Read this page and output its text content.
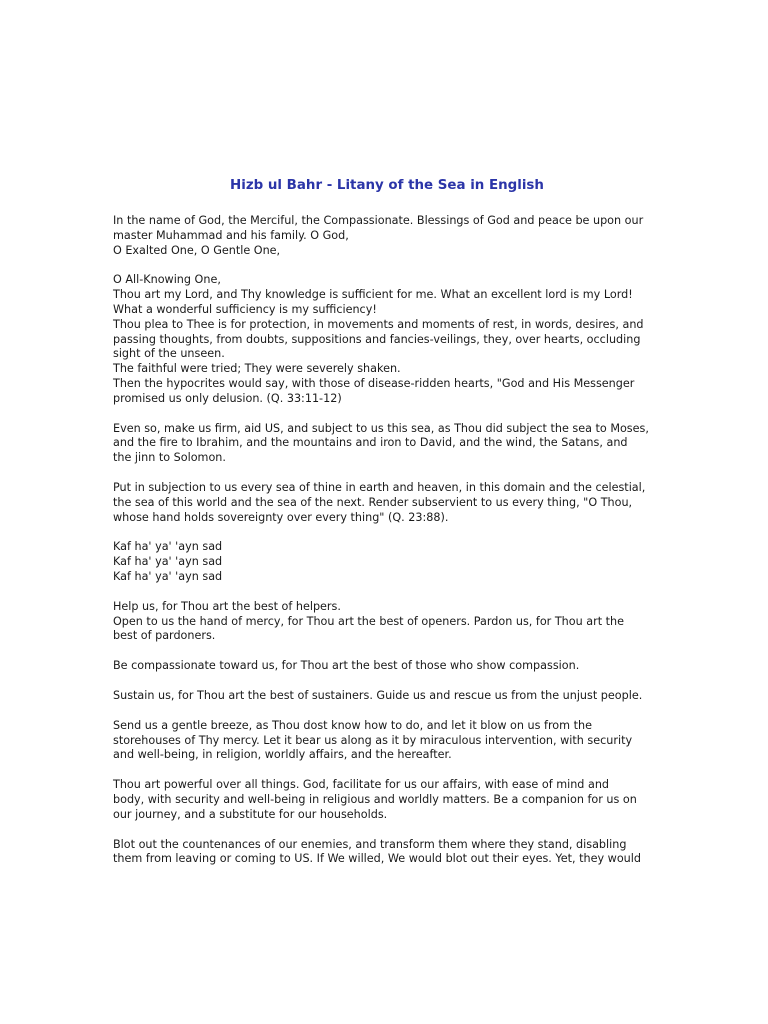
Hizb ul Bahr - Litany of the Sea in English

In the name of God, the Merciful, the Compassionate. Blessings of God and peace be upon our
master Muhammad and his family. O God,
O Exalted One, O Gentle One,

O All-Knowing One,
Thou art my Lord, and Thy knowledge is sufficient for me. What an excellent lord is my Lord!
What a wonderful sufficiency is my sufficiency!
Thou plea to Thee is for protection, in movements and moments of rest, in words, desires, and
passing thoughts, from doubts, suppositions and fancies-veilings, they, over hearts, occluding
sight of the unseen.
The faithful were tried; They were severely shaken.
Then the hypocrites would say, with those of disease-ridden hearts, "God and His Messenger
promised us only delusion. (Q. 33:11-12)

Even so, make us firm, aid US, and subject to us this sea, as Thou did subject the sea to Moses,
and the fire to Ibrahim, and the mountains and iron to David, and the wind, the Satans, and
the jinn to Solomon.

Put in subjection to us every sea of thine in earth and heaven, in this domain and the celestial,
the sea of this world and the sea of the next. Render subservient to us every thing, "O Thou,
whose hand holds sovereignty over every thing" (Q. 23:88).

Kaf ha' ya' 'ayn sad
Kaf ha' ya' 'ayn sad
Kaf ha' ya' 'ayn sad

Help us, for Thou art the best of helpers.
Open to us the hand of mercy, for Thou art the best of openers. Pardon us, for Thou art the
best of pardoners.

Be compassionate toward us, for Thou art the best of those who show compassion.

Sustain us, for Thou art the best of sustainers. Guide us and rescue us from the unjust people.

Send us a gentle breeze, as Thou dost know how to do, and let it blow on us from the
storehouses of Thy mercy. Let it bear us along as it by miraculous intervention, with security
and well-being, in religion, worldly affairs, and the hereafter.

Thou art powerful over all things. God, facilitate for us our affairs, with ease of mind and
body, with security and well-being in religious and worldly matters. Be a companion for us on
our journey, and a substitute for our households.

Blot out the countenances of our enemies, and transform them where they stand, disabling
them from leaving or coming to US. If We willed, We would blot out their eyes. Yet, they would
